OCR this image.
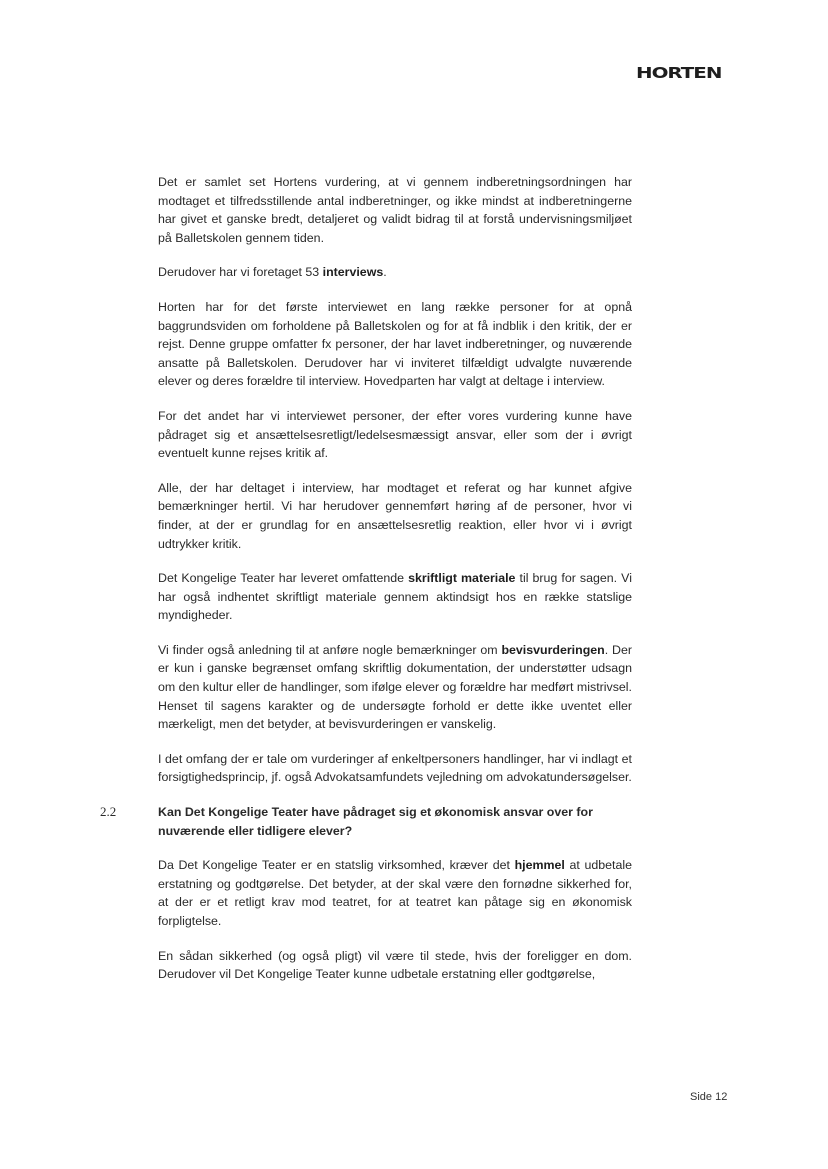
HORTEN

Det er samlet set Hortens vurdering, at vi gennem indberetningsordningen har modtaget et tilfredsstillende antal indberetninger, og ikke mindst at indberetningerne har givet et ganske bredt, detaljeret og validt bidrag til at forstå undervisningsmiljøet på Balletskolen gennem tiden.

Derudover har vi foretaget 53 interviews.

Horten har for det første interviewet en lang række personer for at opnå baggrundsviden om forholdene på Balletskolen og for at få indblik i den kritik, der er rejst. Denne gruppe omfatter fx personer, der har lavet indberetninger, og nuværende ansatte på Balletskolen. Derudover har vi inviteret tilfældigt udvalgte nuværende elever og deres forældre til interview. Hovedparten har valgt at deltage i interview.

For det andet har vi interviewet personer, der efter vores vurdering kunne have pådraget sig et ansættelsesretligt/ledelsesmæssigt ansvar, eller som der i øvrigt eventuelt kunne rejses kritik af.

Alle, der har deltaget i interview, har modtaget et referat og har kunnet afgive bemærkninger hertil. Vi har herudover gennemført høring af de personer, hvor vi finder, at der er grundlag for en ansættelsesretlig reaktion, eller hvor vi i øvrigt udtrykker kritik.

Det Kongelige Teater har leveret omfattende skriftligt materiale til brug for sagen. Vi har også indhentet skriftligt materiale gennem aktindsigt hos en række statslige myndigheder.

Vi finder også anledning til at anføre nogle bemærkninger om bevisvurderingen. Der er kun i ganske begrænset omfang skriftlig dokumentation, der understøtter udsagn om den kultur eller de handlinger, som ifølge elever og forældre har medført mistrivsel. Henset til sagens karakter og de undersøgte forhold er dette ikke uventet eller mærkeligt, men det betyder, at bevisvurderingen er vanskelig.

I det omfang der er tale om vurderinger af enkeltpersoners handlinger, har vi indlagt et forsigtighedsprincip, jf. også Advokatsamfundets vejledning om advokatundersøgelser.

2.2	Kan Det Kongelige Teater have pådraget sig et økonomisk ansvar over for nuværende eller tidligere elever?

Da Det Kongelige Teater er en statslig virksomhed, kræver det hjemmel at udbetale erstatning og godtgørelse. Det betyder, at der skal være den fornødne sikkerhed for, at der er et retligt krav mod teatret, for at teatret kan påtage sig en økonomisk forpligtelse.

En sådan sikkerhed (og også pligt) vil være til stede, hvis der foreligger en dom. Derudover vil Det Kongelige Teater kunne udbetale erstatning eller godtgørelse,

Side 12
